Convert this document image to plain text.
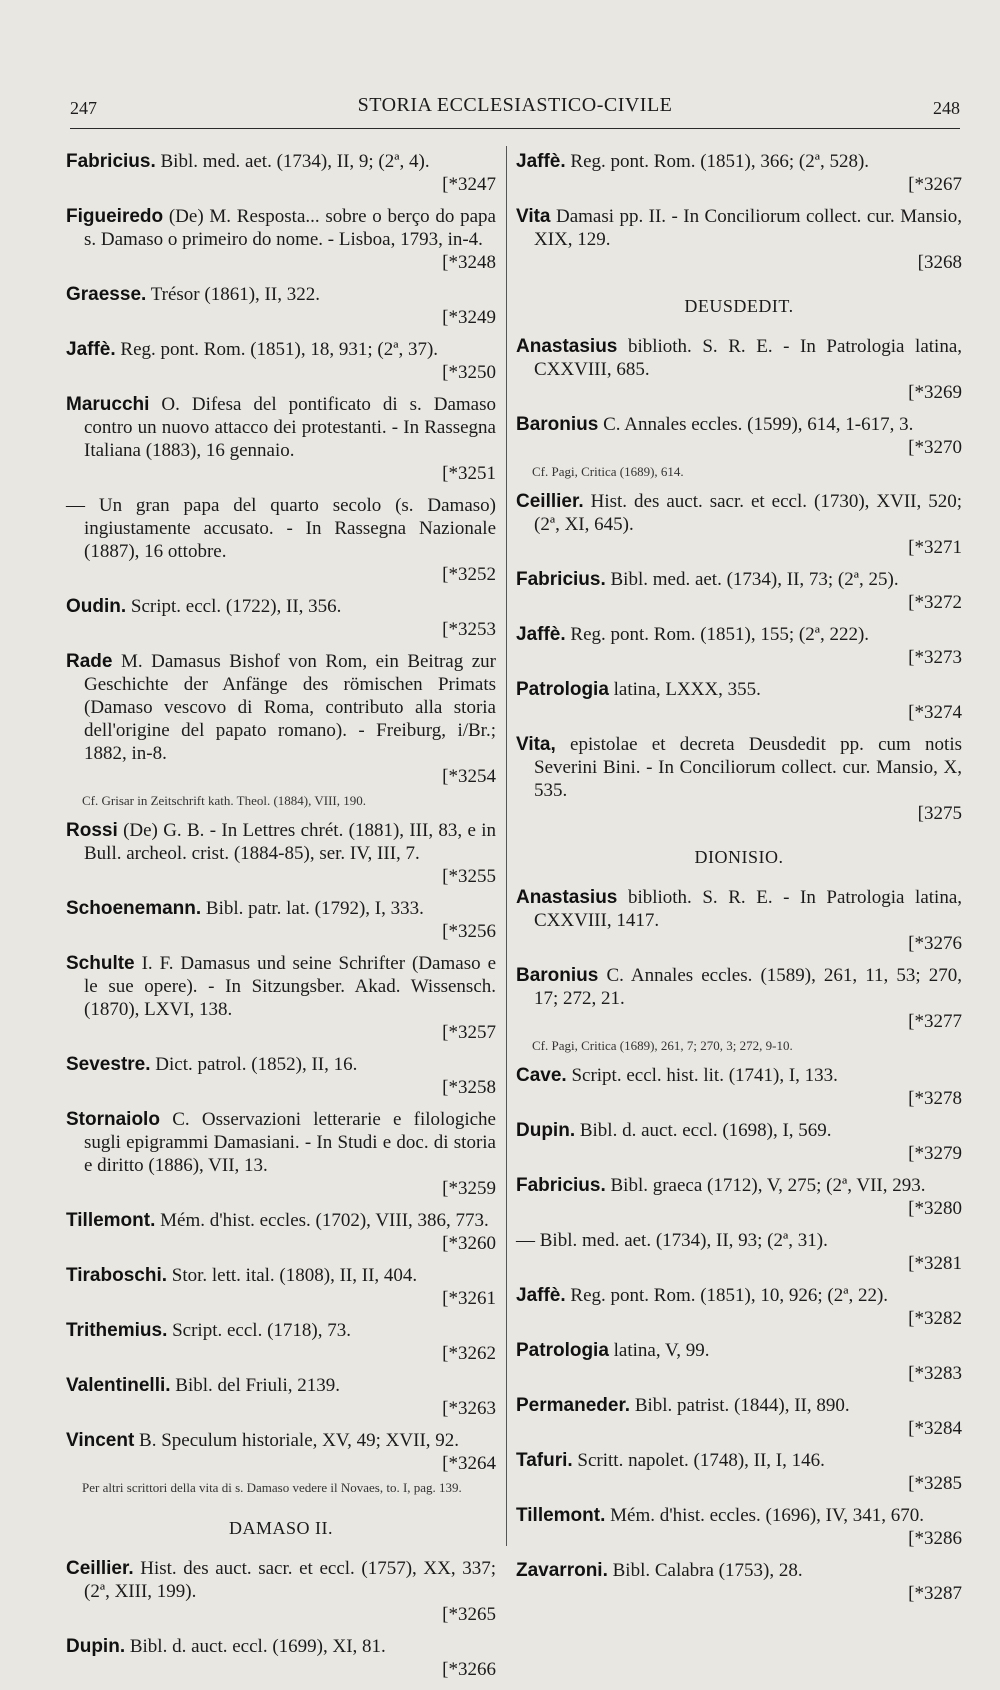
247	STORIA ECCLESIASTICO-CIVILE	248
Fabricius. Bibl. med. aet. (1734), II, 9; (2ª, 4).
[*3247
Figueiredo (De) M. Resposta... sobre o berço do papa s. Damaso o primeiro do nome. - Lisboa, 1793, in-4.
[*3248
Graesse. Trésor (1861), II, 322.
[*3249
Jaffè. Reg. pont. Rom. (1851), 18, 931; (2ª, 37).
[*3250
Marucchi O. Difesa del pontificato di s. Damaso contro un nuovo attacco dei protestanti. - In Rassegna Italiana (1883), 16 gennaio.
[*3251
— Un gran papa del quarto secolo (s. Damaso) ingiustamente accusato. - In Rassegna Nazionale (1887), 16 ottobre.
[*3252
Oudin. Script. eccl. (1722), II, 356.
[*3253
Rade M. Damasus Bishof von Rom, ein Beitrag zur Geschichte der Anfänge des römischen Primats (Damaso vescovo di Roma, contributo alla storia dell'origine del papato romano). - Freiburg, i/Br.; 1882, in-8.
[*3254
Cf. Grisar in Zeitschrift kath. Theol. (1884), VIII, 190.
Rossi (De) G. B. - In Lettres chrét. (1881), III, 83, e in Bull. archeol. crist. (1884-85), ser. IV, III, 7.
[*3255
Schoenemann. Bibl. patr. lat. (1792), I, 333.
[*3256
Schulte I. F. Damasus und seine Schrifter (Damaso e le sue opere). - In Sitzungsber. Akad. Wissensch. (1870), LXVI, 138.
[*3257
Sevestre. Dict. patrol. (1852), II, 16.
[*3258
Stornaiolo C. Osservazioni letterarie e filologiche sugli epigrammi Damasiani. - In Studi e doc. di storia e diritto (1886), VII, 13.
[*3259
Tillemont. Mém. d'hist. eccles. (1702), VIII, 386, 773.
[*3260
Tiraboschi. Stor. lett. ital. (1808), II, II, 404.
[*3261
Trithemius. Script. eccl. (1718), 73.
[*3262
Valentinelli. Bibl. del Friuli, 2139.
[*3263
Vincent B. Speculum historiale, XV, 49; XVII, 92.
[*3264
Per altri scrittori della vita di s. Damaso vedere il Novaes, to. I, pag. 139.
DAMASO II.
Ceillier. Hist. des auct. sacr. et eccl. (1757), XX, 337; (2ª, XIII, 199).
[*3265
Dupin. Bibl. d. auct. eccl. (1699), XI, 81.
[*3266
Jaffè. Reg. pont. Rom. (1851), 366; (2ª, 528).
[*3267
Vita Damasi pp. II. - In Conciliorum collect. cur. Mansio, XIX, 129.
[3268
DEUSDEDIT.
Anastasius biblioth. S. R. E. - In Patrologia latina, CXXVIII, 685.
[*3269
Baronius C. Annales eccles. (1599), 614, 1-617, 3.
[*3270
Cf. Pagi, Critica (1689), 614.
Ceillier. Hist. des auct. sacr. et eccl. (1730), XVII, 520; (2ª, XI, 645).
[*3271
Fabricius. Bibl. med. aet. (1734), II, 73; (2ª, 25).
[*3272
Jaffè. Reg. pont. Rom. (1851), 155; (2ª, 222).
[*3273
Patrologia latina, LXXX, 355.
[*3274
Vita, epistolae et decreta Deusdedit pp. cum notis Severini Bini. - In Conciliorum collect. cur. Mansio, X, 535.
[3275
DIONISIO.
Anastasius biblioth. S. R. E. - In Patrologia latina, CXXVIII, 1417.
[*3276
Baronius C. Annales eccles. (1589), 261, 11, 53; 270, 17; 272, 21.
[*3277
Cf. Pagi, Critica (1689), 261, 7; 270, 3; 272, 9-10.
Cave. Script. eccl. hist. lit. (1741), I, 133.
[*3278
Dupin. Bibl. d. auct. eccl. (1698), I, 569.
[*3279
Fabricius. Bibl. graeca (1712), V, 275; (2ª, VII, 293.
[*3280
— Bibl. med. aet. (1734), II, 93; (2ª, 31).
[*3281
Jaffè. Reg. pont. Rom. (1851), 10, 926; (2ª, 22).
[*3282
Patrologia latina, V, 99.
[*3283
Permaneder. Bibl. patrist. (1844), II, 890.
[*3284
Tafuri. Scritt. napolet. (1748), II, I, 146.
[*3285
Tillemont. Mém. d'hist. eccles. (1696), IV, 341, 670.
[*3286
Zavarroni. Bibl. Calabra (1753), 28.
[*3287
